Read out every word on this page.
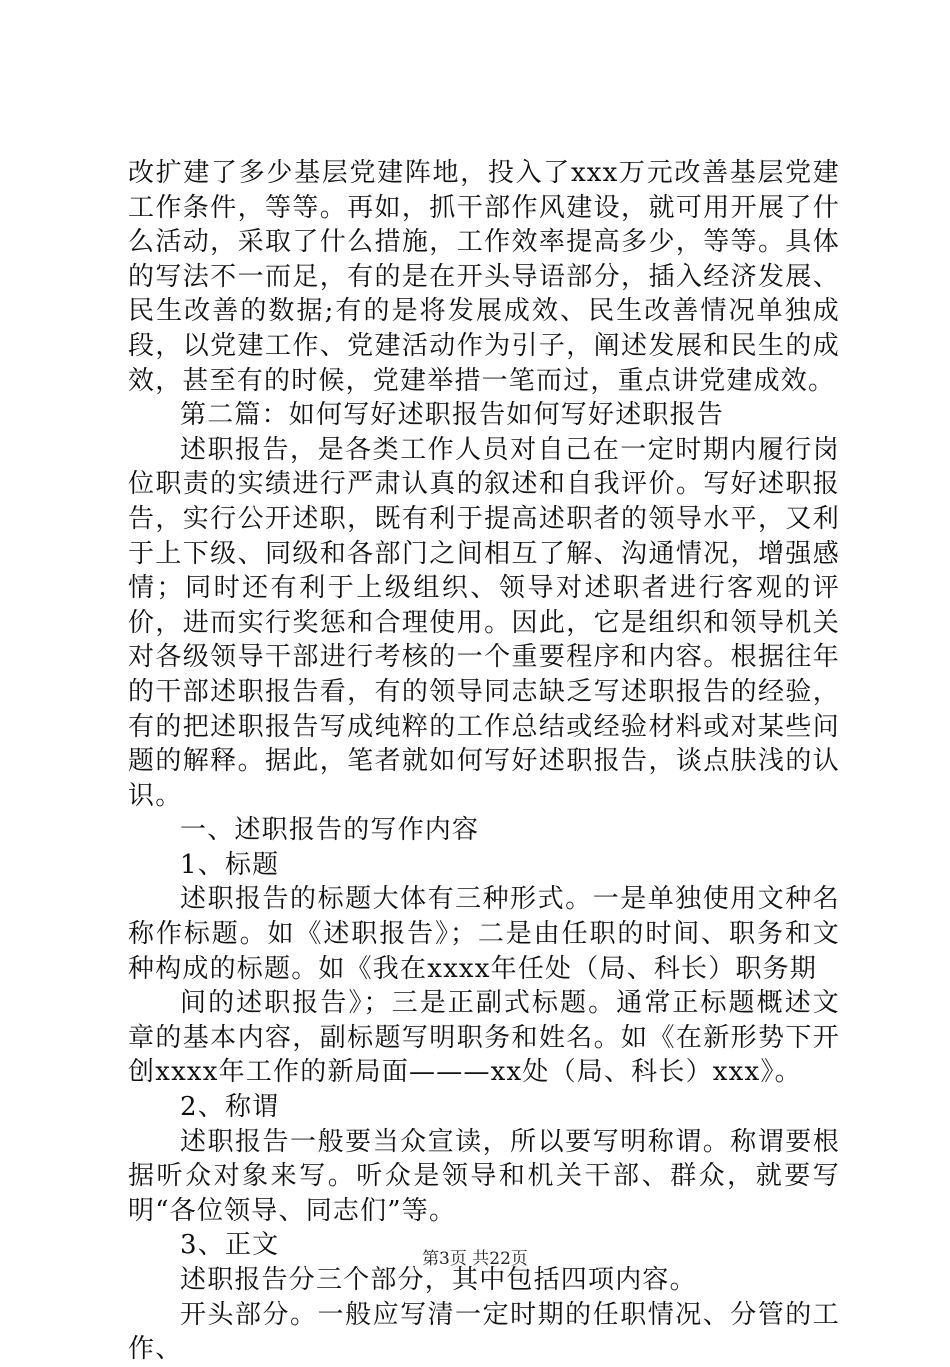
改扩建了多少基层党建阵地，投入了xxx万元改善基层党建工作条件，等等。再如，抓干部作风建设，就可用开展了什么活动，采取了什么措施，工作效率提高多少，等等。具体的写法不一而足，有的是在开头导语部分，插入经济发展、民生改善的数据;有的是将发展成效、民生改善情况单独成段，以党建工作、党建活动作为引子，阐述发展和民生的成效，甚至有的时候，党建举措一笔而过，重点讲党建成效。

第二篇：如何写好述职报告如何写好述职报告

述职报告，是各类工作人员对自己在一定时期内履行岗位职责的实绩进行严肃认真的叙述和自我评价。写好述职报告，实行公开述职，既有利于提高述职者的领导水平，又利于上下级、同级和各部门之间相互了解、沟通情况，增强感情；同时还有利于上级组织、领导对述职者进行客观的评价，进而实行奖惩和合理使用。因此，它是组织和领导机关对各级领导干部进行考核的一个重要程序和内容。根据往年的干部述职报告看，有的领导同志缺乏写述职报告的经验，有的把述职报告写成纯粹的工作总结或经验材料或对某些问题的解释。据此，笔者就如何写好述职报告，谈点肤浅的认识。

一、述职报告的写作内容

1、标题

述职报告的标题大体有三种形式。一是单独使用文种名称作标题。如《述职报告》；二是由任职的时间、职务和文种构成的标题。如《我在xxxx年任处（局、科长）职务期

间的述职报告》；三是正副式标题。通常正标题概述文章的基本内容，副标题写明职务和姓名。如《在新形势下开创xxxx年工作的新局面———xx处（局、科长）xxx》。

2、称谓

述职报告一般要当众宣读，所以要写明称谓。称谓要根据听众对象来写。听众是领导和机关干部、群众，就要写明“各位领导、同志们”等。

3、正文

述职报告分三个部分，其中包括四项内容。

开头部分。一般应写清一定时期的任职情况、分管的工作、

第3页 共22页
